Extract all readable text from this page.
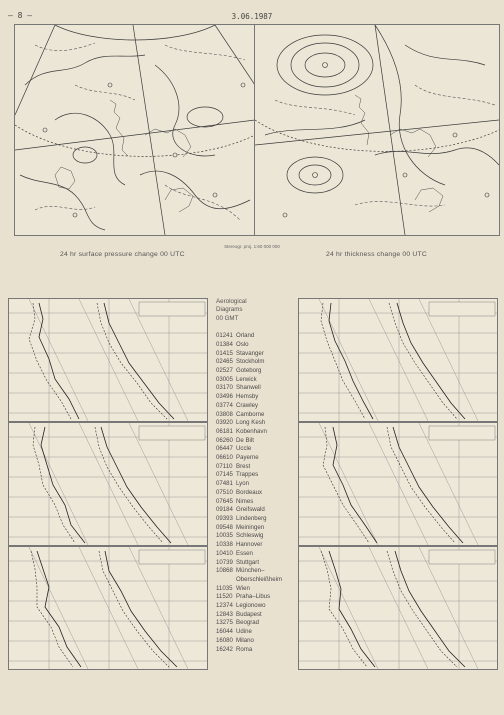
– 8 –	3.06.1987
Stereogr. proj. 1:60 000 000
24 hr surface pressure change 00 UTC	24 hr thickness change 00 UTC
Aerological
Diagrams
00 GMT
01241 Orland
01384 Oslo
01415 Stavanger
02465 Stockholm
02527 Goteborg
03005 Lerwick
03170 Shanwell
03496 Hemsby
03774 Crawley
03808 Camborne
03920 Long Kesh
06181 Kobenhavn
06260 De Bilt
06447 Uccle
06610 Payerne
07110 Brest
07145 Trappes
07481 Lyon
07510 Bordeaux
07645 Nimes
09184 Greifswald
09393 Lindenberg
09548 Meiningen
10035 Schleswig
10338 Hannover
10410 Essen
10739 Stuttgart
10868 München–
Oberschleißheim
11035 Wien
11520 Praha–Libus
12374 Legionowo
12843 Budapest
13275 Beograd
16044 Udine
16080 Milano
16242 Roma
